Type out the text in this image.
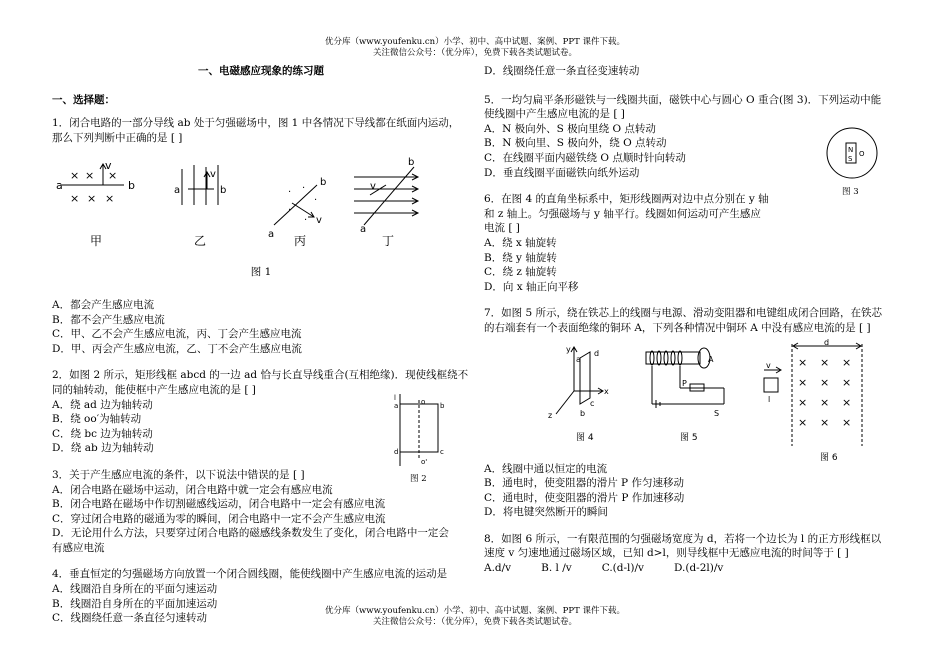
优分库（www.youfenku.cn）小学、初中、高中试题、案例、PPT 课件下载。
关注微信公众号：（优分库），免费下载各类试题试卷。
一、电磁感应现象的练习题
一、选择题：
1．闭合电路的一部分导线 ab 处于匀强磁场中，图 1 中各情况下导线都在纸面内运动，
那么下列判断中正确的是 [ ]
× × ×
× × ×
a	b
v
a	b
v
· ·
·
·
·
a
b
v
a
b
v
甲	乙	丙	丁
图 1
A．都会产生感应电流
B．都不会产生感应电流
C．甲、乙不会产生感应电流，丙、丁会产生感应电流
D．甲、丙会产生感应电流，乙、丁不会产生感应电流
2．如图 2 所示，矩形线框 abcd 的一边 ad 恰与长直导线重合(互相绝缘)．现使线框绕不
同的轴转动，能使框中产生感应电流的是 [ ]
A．绕 ad 边为轴转动
B．绕 oo′为轴转动
C．绕 bc 边为轴转动
D．绕 ab 边为轴转动
l
a	b
d	c
o
o'
图 2
3．关于产生感应电流的条件，以下说法中错误的是 [ ]
A．闭合电路在磁场中运动，闭合电路中就一定会有感应电流
B．闭合电路在磁场中作切割磁感线运动，闭合电路中一定会有感应电流
C．穿过闭合电路的磁通为零的瞬间，闭合电路中一定不会产生感应电流
D．无论用什么方法，只要穿过闭合电路的磁感线条数发生了变化，闭合电路中一定会
有感应电流
4．垂直恒定的匀强磁场方向放置一个闭合圆线圈，能使线圈中产生感应电流的运动是
A．线圈沿自身所在的平面匀速运动
B．线圈沿自身所在的平面加速运动
C．线圈绕任意一条直径匀速转动
D．线圈绕任意一条直径变速转动
5．一均匀扁平条形磁铁与一线圈共面，磁铁中心与圆心 O 重合(图 3)．下列运动中能
使线圈中产生感应电流的是 [ ]
A．N 极向外、S 极向里绕 O 点转动
B．N 极向里、S 极向外，绕 O 点转动
C．在线圈平面内磁铁绕 O 点顺时针向转动
D．垂直线圈平面磁铁向纸外运动
N
S
O
图 3
6．在图 4 的直角坐标系中，矩形线圈两对边中点分别在 y 轴
和 z 轴上。匀强磁场与 y 轴平行。线圈如何运动可产生感应
电流 [ ]
A．绕 x 轴旋转
B．绕 y 轴旋转
C．绕 z 轴旋转
D．向 x 轴正向平移
7．如图 5 所示，绕在铁芯上的线圈与电源、滑动变阻器和电键组成闭合回路，在铁芯
的右端套有一个表面绝缘的铜环 A，下列各种情况中铜环 A 中没有感应电流的是 [ ]
y	d
x
z
c
b
a	A
P
S
× × ×
× × ×
× × ×
× × ×
d
v
l
图 4	图 5
图 6
A．线圈中通以恒定的电流
B．通电时，使变阻器的滑片 P 作匀速移动
C．通电时，使变阻器的滑片 P 作加速移动
D．将电键突然断开的瞬间
8．如图 6 所示，一有限范围的匀强磁场宽度为 d，若将一个边长为 l 的正方形线框以
速度 v 匀速地通过磁场区域，已知 d>l，则导线框中无感应电流的时间等于 [ ]
A.d/v	B. l /v	C.(d-l)/v	D.(d-2l)/v
优分库（www.youfenku.cn）小学、初中、高中试题、案例、PPT 课件下载。
关注微信公众号：（优分库），免费下载各类试题试卷。
